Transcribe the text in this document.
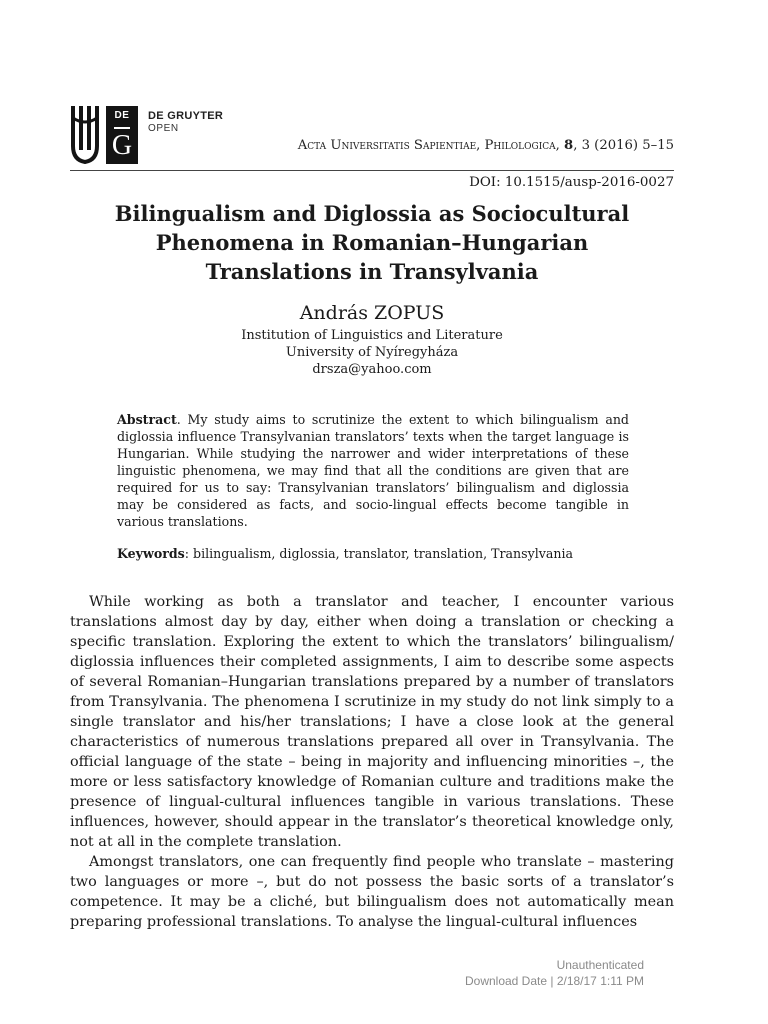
DE
G
DE GRUYTER
OPEN
Acta Universitatis Sapientiae, Philologica, 8, 3 (2016) 5–15
DOI: 10.1515/ausp-2016-0027
Bilingualism and Diglossia as Sociocultural
Phenomena in Romanian–Hungarian
Translations in Transylvania
András ZOPUS
Institution of Linguistics and Literature
University of Nyíregyháza
drsza@yahoo.com
Abstract. My study aims to scrutinize the extent to which bilingualism and diglossia influence Transylvanian translators’ texts when the target language is Hungarian. While studying the narrower and wider interpretations of these linguistic phenomena, we may find that all the conditions are given that are required for us to say: Transylvanian translators’ bilingualism and diglossia may be considered as facts, and socio-lingual effects become tangible in various translations.
Keywords: bilingualism, diglossia, translator, translation, Transylvania

While working as both a translator and teacher, I encounter various translations almost day by day, either when doing a translation or checking a specific translation. Exploring the extent to which the translators’ bilingualism/ diglossia influences their completed assignments, I aim to describe some aspects of several Romanian–Hungarian translations prepared by a number of translators from Transylvania. The phenomena I scrutinize in my study do not link simply to a single translator and his/her translations; I have a close look at the general characteristics of numerous translations prepared all over in Transylvania. The official language of the state – being in majority and influencing minorities –, the more or less satisfactory knowledge of Romanian culture and traditions make the presence of lingual-cultural influences tangible in various translations. These influences, however, should appear in the translator’s theoretical knowledge only, not at all in the complete translation.

Amongst translators, one can frequently find people who translate – mastering two languages or more –, but do not possess the basic sorts of a translator’s competence. It may be a cliché, but bilingualism does not automatically mean preparing professional translations. To analyse the lingual-cultural influences

Unauthenticated
Download Date | 2/18/17 1:11 PM
